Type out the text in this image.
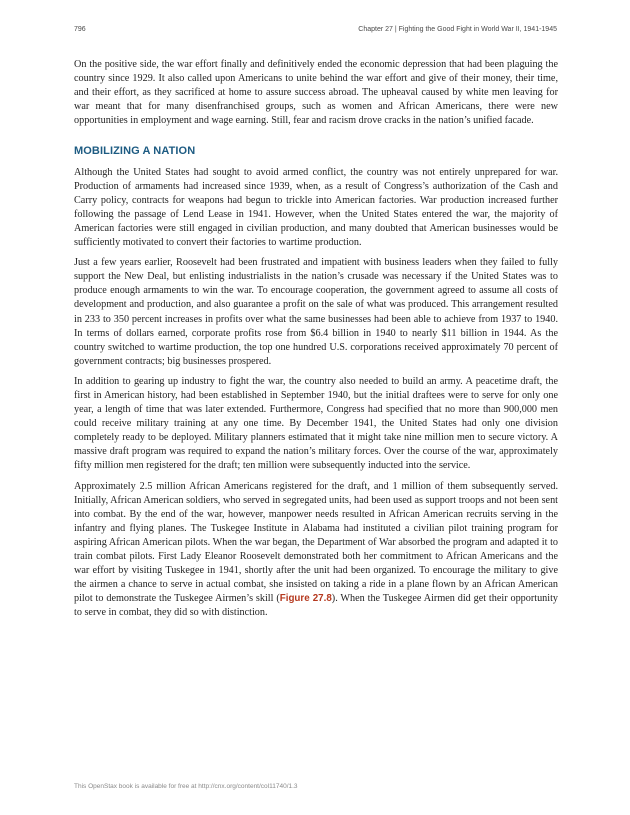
796	Chapter 27 | Fighting the Good Fight in World War II, 1941-1945

On the positive side, the war effort finally and definitively ended the economic depression that had been plaguing the country since 1929. It also called upon Americans to unite behind the war effort and give of their money, their time, and their effort, as they sacrificed at home to assure success abroad. The upheaval caused by white men leaving for war meant that for many disenfranchised groups, such as women and African Americans, there were new opportunities in employment and wage earning. Still, fear and racism drove cracks in the nation’s unified facade.

MOBILIZING A NATION

Although the United States had sought to avoid armed conflict, the country was not entirely unprepared for war. Production of armaments had increased since 1939, when, as a result of Congress’s authorization of the Cash and Carry policy, contracts for weapons had begun to trickle into American factories. War production increased further following the passage of Lend Lease in 1941. However, when the United States entered the war, the majority of American factories were still engaged in civilian production, and many doubted that American businesses would be sufficiently motivated to convert their factories to wartime production.

Just a few years earlier, Roosevelt had been frustrated and impatient with business leaders when they failed to fully support the New Deal, but enlisting industrialists in the nation’s crusade was necessary if the United States was to produce enough armaments to win the war. To encourage cooperation, the government agreed to assume all costs of development and production, and also guarantee a profit on the sale of what was produced. This arrangement resulted in 233 to 350 percent increases in profits over what the same businesses had been able to achieve from 1937 to 1940. In terms of dollars earned, corporate profits rose from $6.4 billion in 1940 to nearly $11 billion in 1944. As the country switched to wartime production, the top one hundred U.S. corporations received approximately 70 percent of government contracts; big businesses prospered.

In addition to gearing up industry to fight the war, the country also needed to build an army. A peacetime draft, the first in American history, had been established in September 1940, but the initial draftees were to serve for only one year, a length of time that was later extended. Furthermore, Congress had specified that no more than 900,000 men could receive military training at any one time. By December 1941, the United States had only one division completely ready to be deployed. Military planners estimated that it might take nine million men to secure victory. A massive draft program was required to expand the nation’s military forces. Over the course of the war, approximately fifty million men registered for the draft; ten million were subsequently inducted into the service.

Approximately 2.5 million African Americans registered for the draft, and 1 million of them subsequently served. Initially, African American soldiers, who served in segregated units, had been used as support troops and not been sent into combat. By the end of the war, however, manpower needs resulted in African American recruits serving in the infantry and flying planes. The Tuskegee Institute in Alabama had instituted a civilian pilot training program for aspiring African American pilots. When the war began, the Department of War absorbed the program and adapted it to train combat pilots. First Lady Eleanor Roosevelt demonstrated both her commitment to African Americans and the war effort by visiting Tuskegee in 1941, shortly after the unit had been organized. To encourage the military to give the airmen a chance to serve in actual combat, she insisted on taking a ride in a plane flown by an African American pilot to demonstrate the Tuskegee Airmen’s skill (Figure 27.8). When the Tuskegee Airmen did get their opportunity to serve in combat, they did so with distinction.

This OpenStax book is available for free at http://cnx.org/content/col11740/1.3
